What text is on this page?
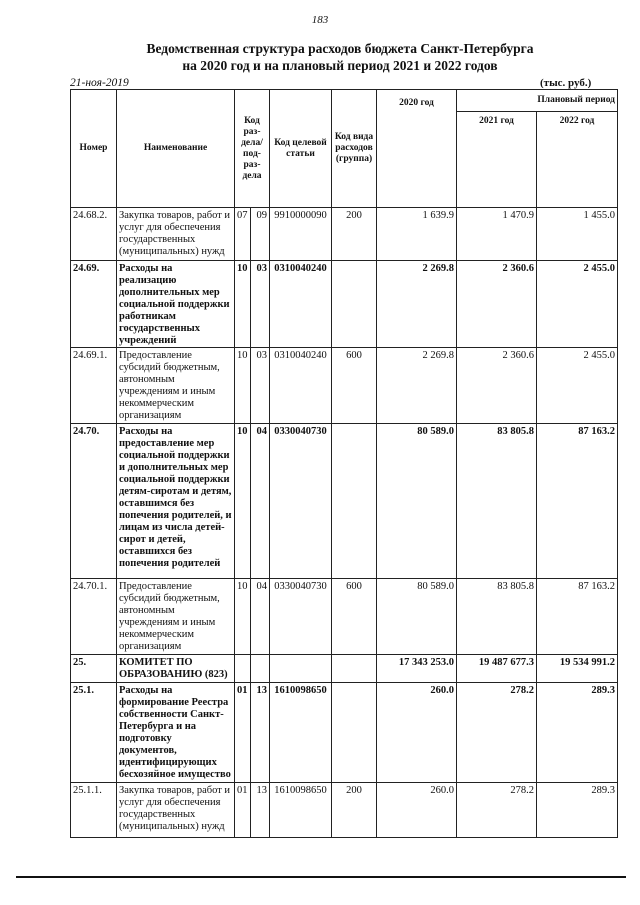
183
Ведомственная структура расходов бюджета Санкт-Петербурга
на 2020 год и на плановый период 2021 и 2022 годов
21-ноя-2019	(тыс. руб.)
Номер	Наименование	Код раз-дела/ под-раз-дела		Код целевой статьи	Код вида расходов (группа)	2020 год	Плановый период	
							2021 год	2022 год
24.68.2.	Закупка товаров, работ и услуг для обеспечения государственных (муниципальных) нужд	07	09	9910000090	200	1 639.9	1 470.9	1 455.0
24.69.	Расходы на реализацию дополнительных мер социальной поддержки работникам государственных учреждений	10	03	0310040240		2 269.8	2 360.6	2 455.0
24.69.1.	Предоставление субсидий бюджетным, автономным учреждениям и иным некоммерческим организациям	10	03	0310040240	600	2 269.8	2 360.6	2 455.0
24.70.	Расходы на предоставление мер социальной поддержки и дополнительных мер социальной поддержки детям-сиротам и детям, оставшимся без попечения родителей, и лицам из числа детей-сирот и детей, оставшихся без попечения родителей	10	04	0330040730		80 589.0	83 805.8	87 163.2
24.70.1.	Предоставление субсидий бюджетным, автономным учреждениям и иным некоммерческим организациям	10	04	0330040730	600	80 589.0	83 805.8	87 163.2
25.	КОМИТЕТ ПО ОБРАЗОВАНИЮ (823)					17 343 253.0	19 487 677.3	19 534 991.2
25.1.	Расходы на формирование Реестра собственности Санкт-Петербурга и на подготовку документов, идентифицирующих бесхозяйное имущество	01	13	1610098650		260.0	278.2	289.3
25.1.1.	Закупка товаров, работ и услуг для обеспечения государственных (муниципальных) нужд	01	13	1610098650	200	260.0	278.2	289.3
